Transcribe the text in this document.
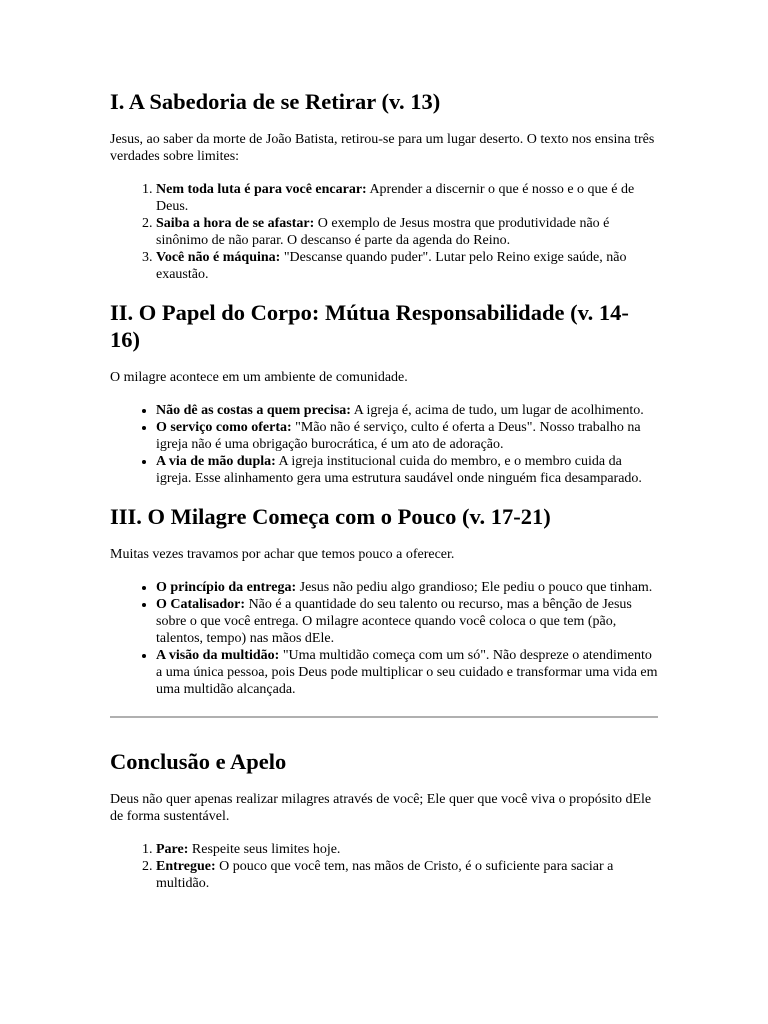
I. A Sabedoria de se Retirar (v. 13)

Jesus, ao saber da morte de João Batista, retirou-se para um lugar deserto. O texto nos ensina três verdades sobre limites:

1. Nem toda luta é para você encarar: Aprender a discernir o que é nosso e o que é de Deus.
2. Saiba a hora de se afastar: O exemplo de Jesus mostra que produtividade não é sinônimo de não parar. O descanso é parte da agenda do Reino.
3. Você não é máquina: "Descanse quando puder". Lutar pelo Reino exige saúde, não exaustão.
II. O Papel do Corpo: Mútua Responsabilidade (v. 14-16)

O milagre acontece em um ambiente de comunidade.

• Não dê as costas a quem precisa: A igreja é, acima de tudo, um lugar de acolhimento.
• O serviço como oferta: "Mão não é serviço, culto é oferta a Deus". Nosso trabalho na igreja não é uma obrigação burocrática, é um ato de adoração.
• A via de mão dupla: A igreja institucional cuida do membro, e o membro cuida da igreja. Esse alinhamento gera uma estrutura saudável onde ninguém fica desamparado.
III. O Milagre Começa com o Pouco (v. 17-21)

Muitas vezes travamos por achar que temos pouco a oferecer.

• O princípio da entrega: Jesus não pediu algo grandioso; Ele pediu o pouco que tinham.
• O Catalisador: Não é a quantidade do seu talento ou recurso, mas a bênção de Jesus sobre o que você entrega. O milagre acontece quando você coloca o que tem (pão, talentos, tempo) nas mãos dEle.
• A visão da multidão: "Uma multidão começa com um só". Não despreze o atendimento a uma única pessoa, pois Deus pode multiplicar o seu cuidado e transformar uma vida em uma multidão alcançada.
Conclusão e Apelo

Deus não quer apenas realizar milagres através de você; Ele quer que você viva o propósito dEle de forma sustentável.

1. Pare: Respeite seus limites hoje.
2. Entregue: O pouco que você tem, nas mãos de Cristo, é o suficiente para saciar a multidão.
